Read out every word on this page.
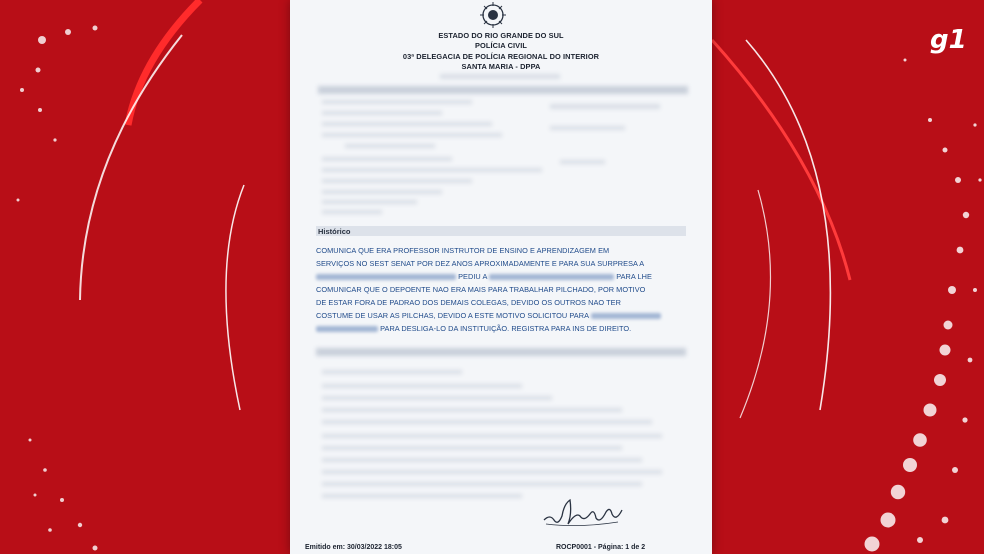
g1
ESTADO DO RIO GRANDE DO SUL
POLÍCIA CIVIL
03ª DELEGACIA DE POLÍCIA REGIONAL DO INTERIOR
SANTA MARIA - DPPA
Histórico
COMUNICA QUE ERA PROFESSOR INSTRUTOR DE ENSINO E APRENDIZAGEM EM
SERVIÇOS NO SEST SENAT POR DEZ ANOS APROXIMADAMENTE E PARA SUA SURPRESA A
PEDIU A	PARA LHE
COMUNICAR QUE O DEPOENTE NAO ERA MAIS PARA TRABALHAR PILCHADO, POR MOTIVO
DE ESTAR FORA DE PADRAO DOS DEMAIS COLEGAS, DEVIDO OS OUTROS NAO TER
COSTUME DE USAR AS PILCHAS, DEVIDO A ESTE MOTIVO SOLICITOU PARA
PARA DESLIGA-LO DA INSTITUIÇÃO. REGISTRA PARA INS DE DIREITO.
Emitido em: 30/03/2022 18:05	ROCP0001 - Página: 1 de 2
